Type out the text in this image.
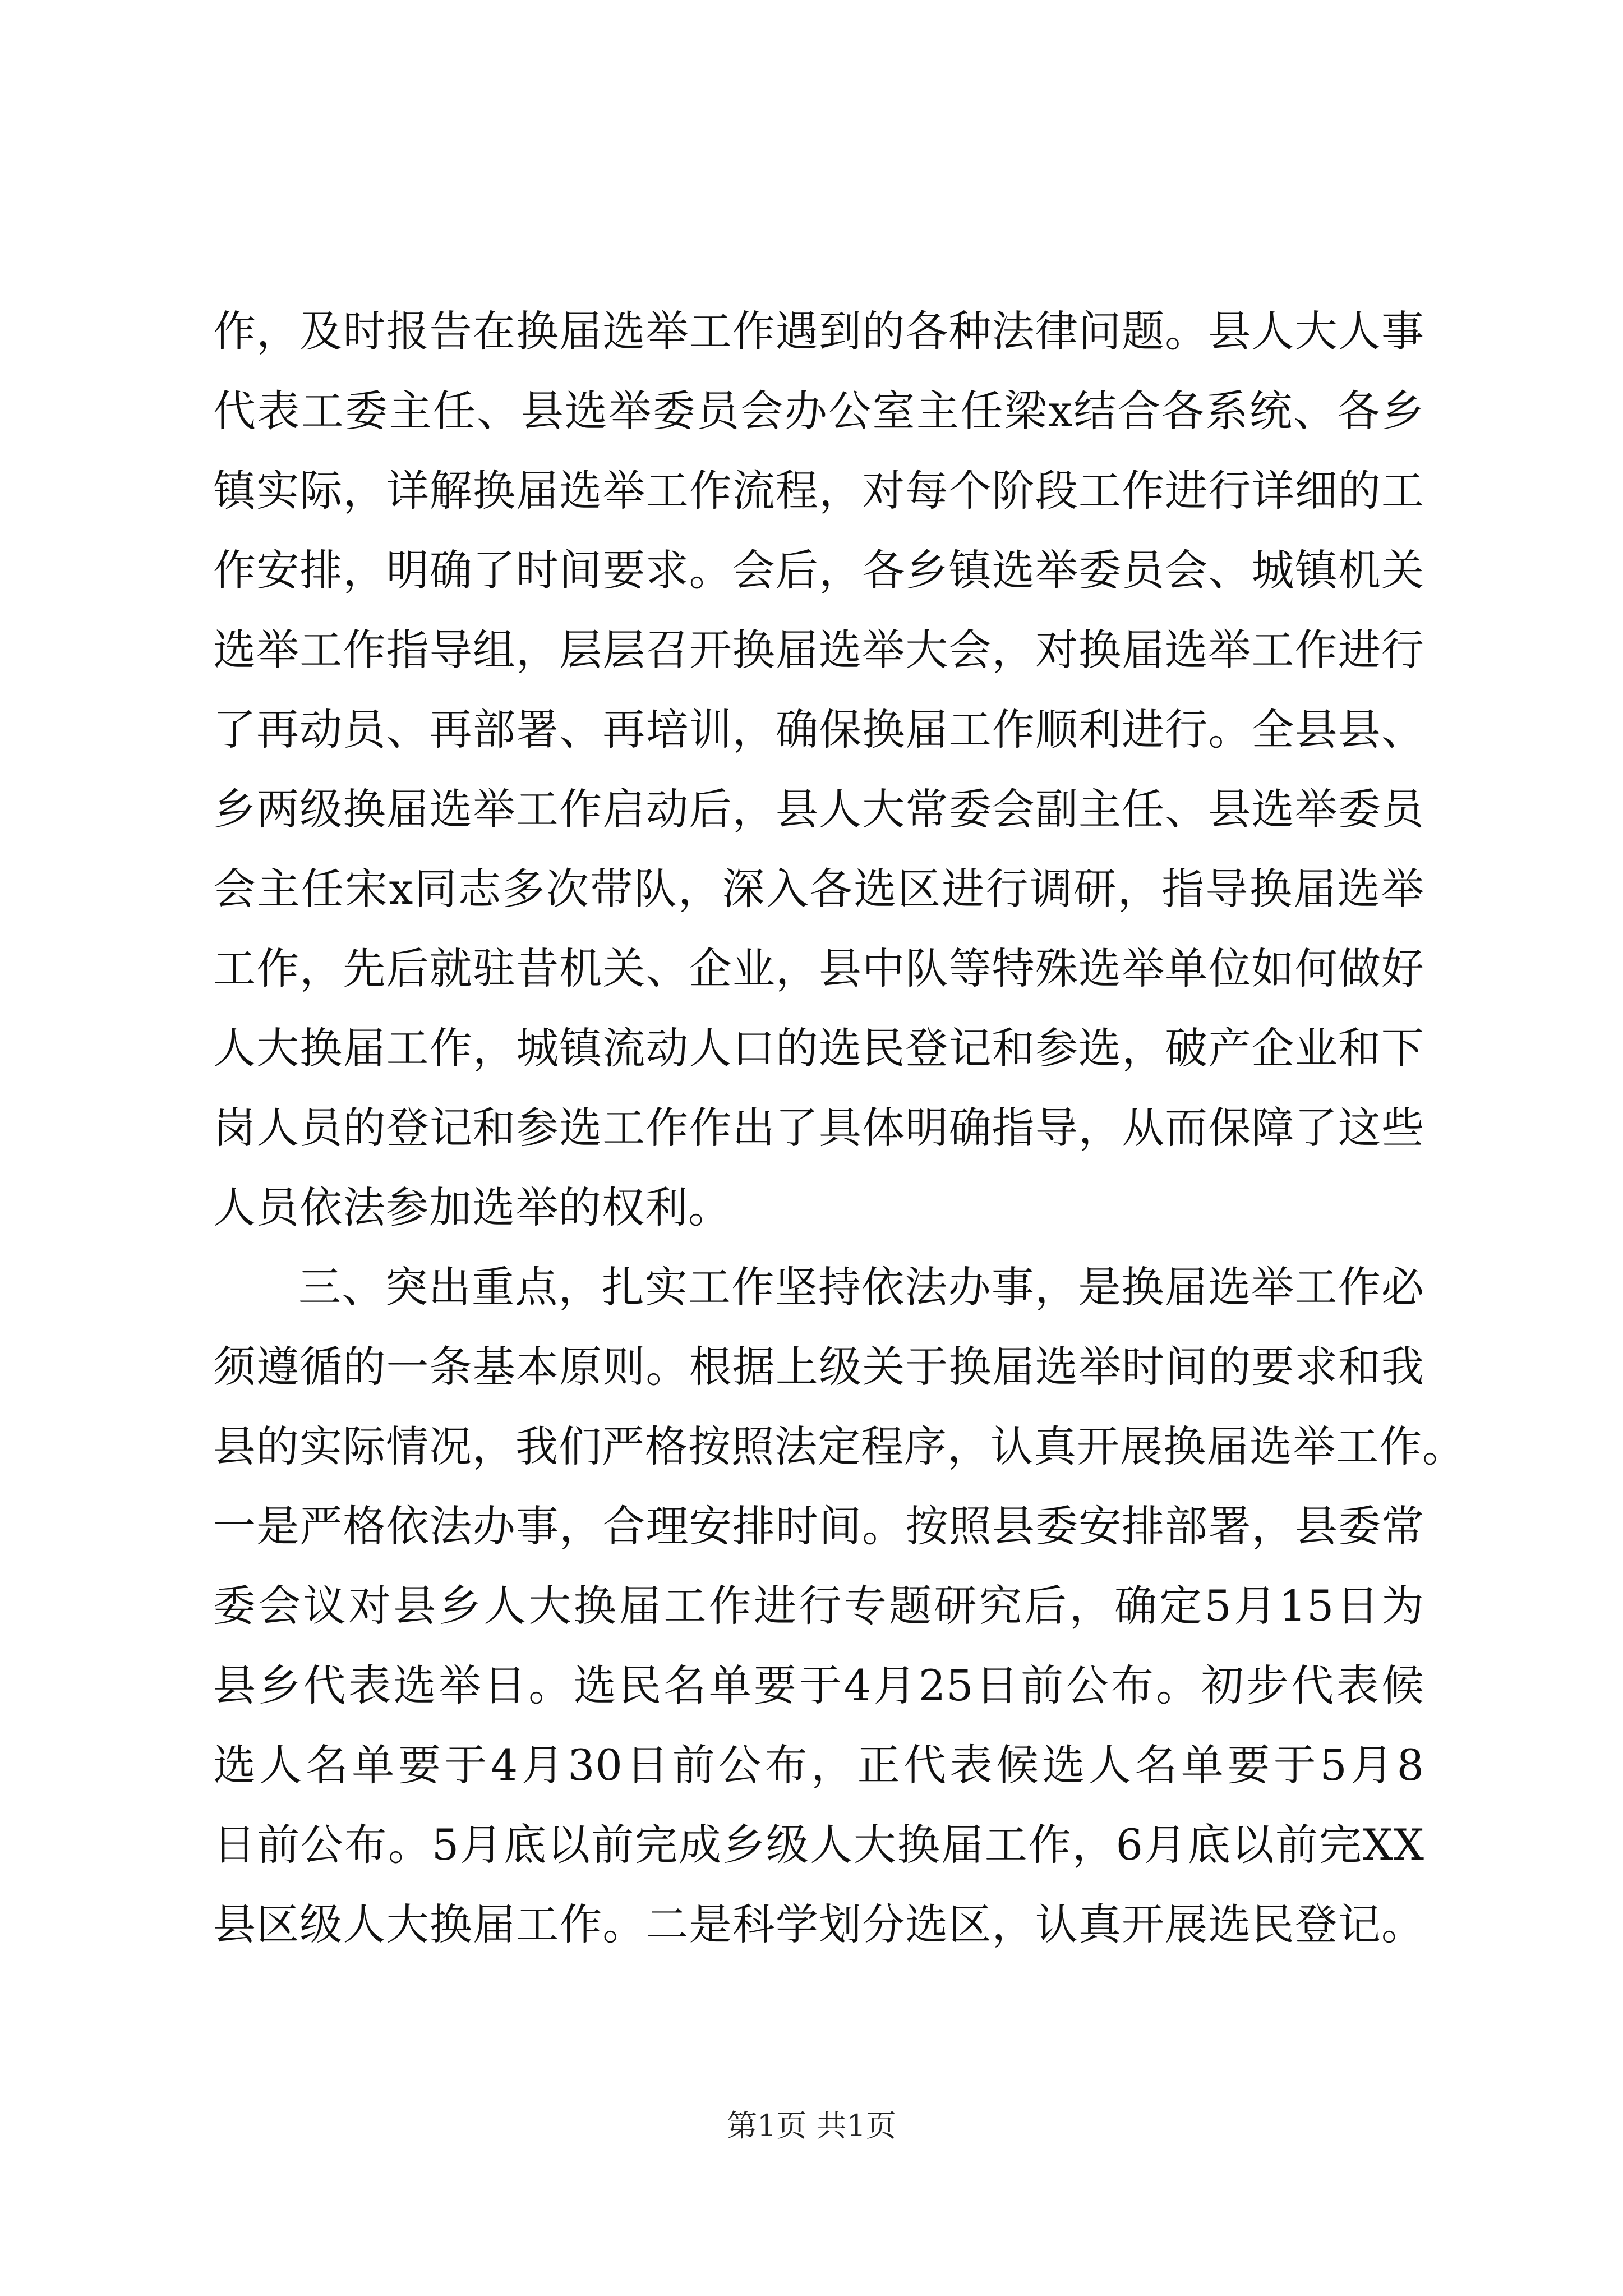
作，及时报告在换届选举工作遇到的各种法律问题。县人大人事
代表工委主任、县选举委员会办公室主任梁x结合各系统、各乡
镇实际，详解换届选举工作流程，对每个阶段工作进行详细的工
作安排，明确了时间要求。会后，各乡镇选举委员会、城镇机关
选举工作指导组，层层召开换届选举大会，对换届选举工作进行
了再动员、再部署、再培训，确保换届工作顺利进行。全县县、
乡两级换届选举工作启动后，县人大常委会副主任、县选举委员
会主任宋x同志多次带队，深入各选区进行调研，指导换届选举
工作，先后就驻昔机关、企业，县中队等特殊选举单位如何做好
人大换届工作，城镇流动人口的选民登记和参选，破产企业和下
岗人员的登记和参选工作作出了具体明确指导，从而保障了这些
人员依法参加选举的权利。
三、突出重点，扎实工作坚持依法办事，是换届选举工作必
须遵循的一条基本原则。根据上级关于换届选举时间的要求和我
县的实际情况，我们严格按照法定程序，认真开展换届选举工作。
一是严格依法办事，合理安排时间。按照县委安排部署，县委常
委会议对县乡人大换届工作进行专题研究后，确定5月15日为
县乡代表选举日。选民名单要于4月25日前公布。初步代表候
选人名单要于4月30日前公布，正代表候选人名单要于5月8
日前公布。5月底以前完成乡级人大换届工作，6月底以前完XX
县区级人大换届工作。二是科学划分选区，认真开展选民登记。
第1页 共1页
